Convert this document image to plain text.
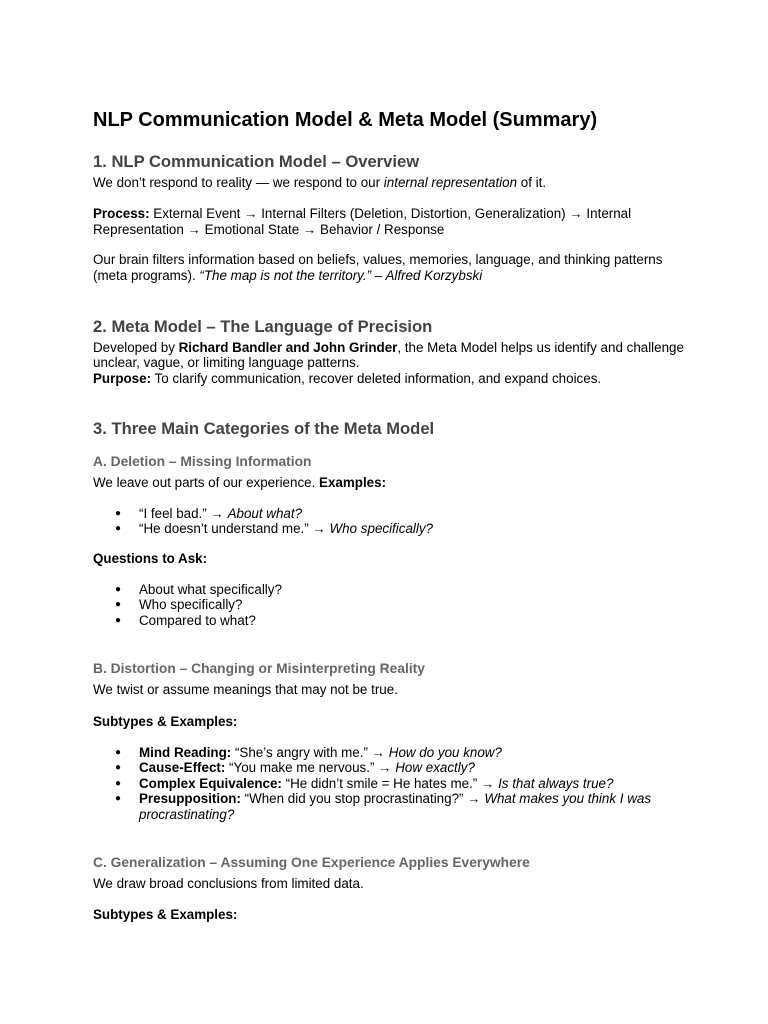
NLP Communication Model & Meta Model (Summary)
1. NLP Communication Model – Overview

We don’t respond to reality — we respond to our internal representation of it.

Process: External Event → Internal Filters (Deletion, Distortion, Generalization) → Internal Representation → Emotional State → Behavior / Response

Our brain filters information based on beliefs, values, memories, language, and thinking patterns (meta programs). “The map is not the territory.” – Alfred Korzybski

2. Meta Model – The Language of Precision

Developed by Richard Bandler and John Grinder, the Meta Model helps us identify and challenge unclear, vague, or limiting language patterns.

Purpose: To clarify communication, recover deleted information, and expand choices.

3. Three Main Categories of the Meta Model
A. Deletion – Missing Information

We leave out parts of our experience. Examples:

● “I feel bad.” → About what?
● “He doesn’t understand me.” → Who specifically?

Questions to Ask:

● About what specifically?
● Who specifically?
● Compared to what?
B. Distortion – Changing or Misinterpreting Reality

We twist or assume meanings that may not be true.

Subtypes & Examples:

● Mind Reading: “She’s angry with me.” → How do you know?
● Cause-Effect: “You make me nervous.” → How exactly?
● Complex Equivalence: “He didn’t smile = He hates me.” → Is that always true?
● Presupposition: “When did you stop procrastinating?” → What makes you think I was procrastinating?
C. Generalization – Assuming One Experience Applies Everywhere

We draw broad conclusions from limited data.

Subtypes & Examples:
